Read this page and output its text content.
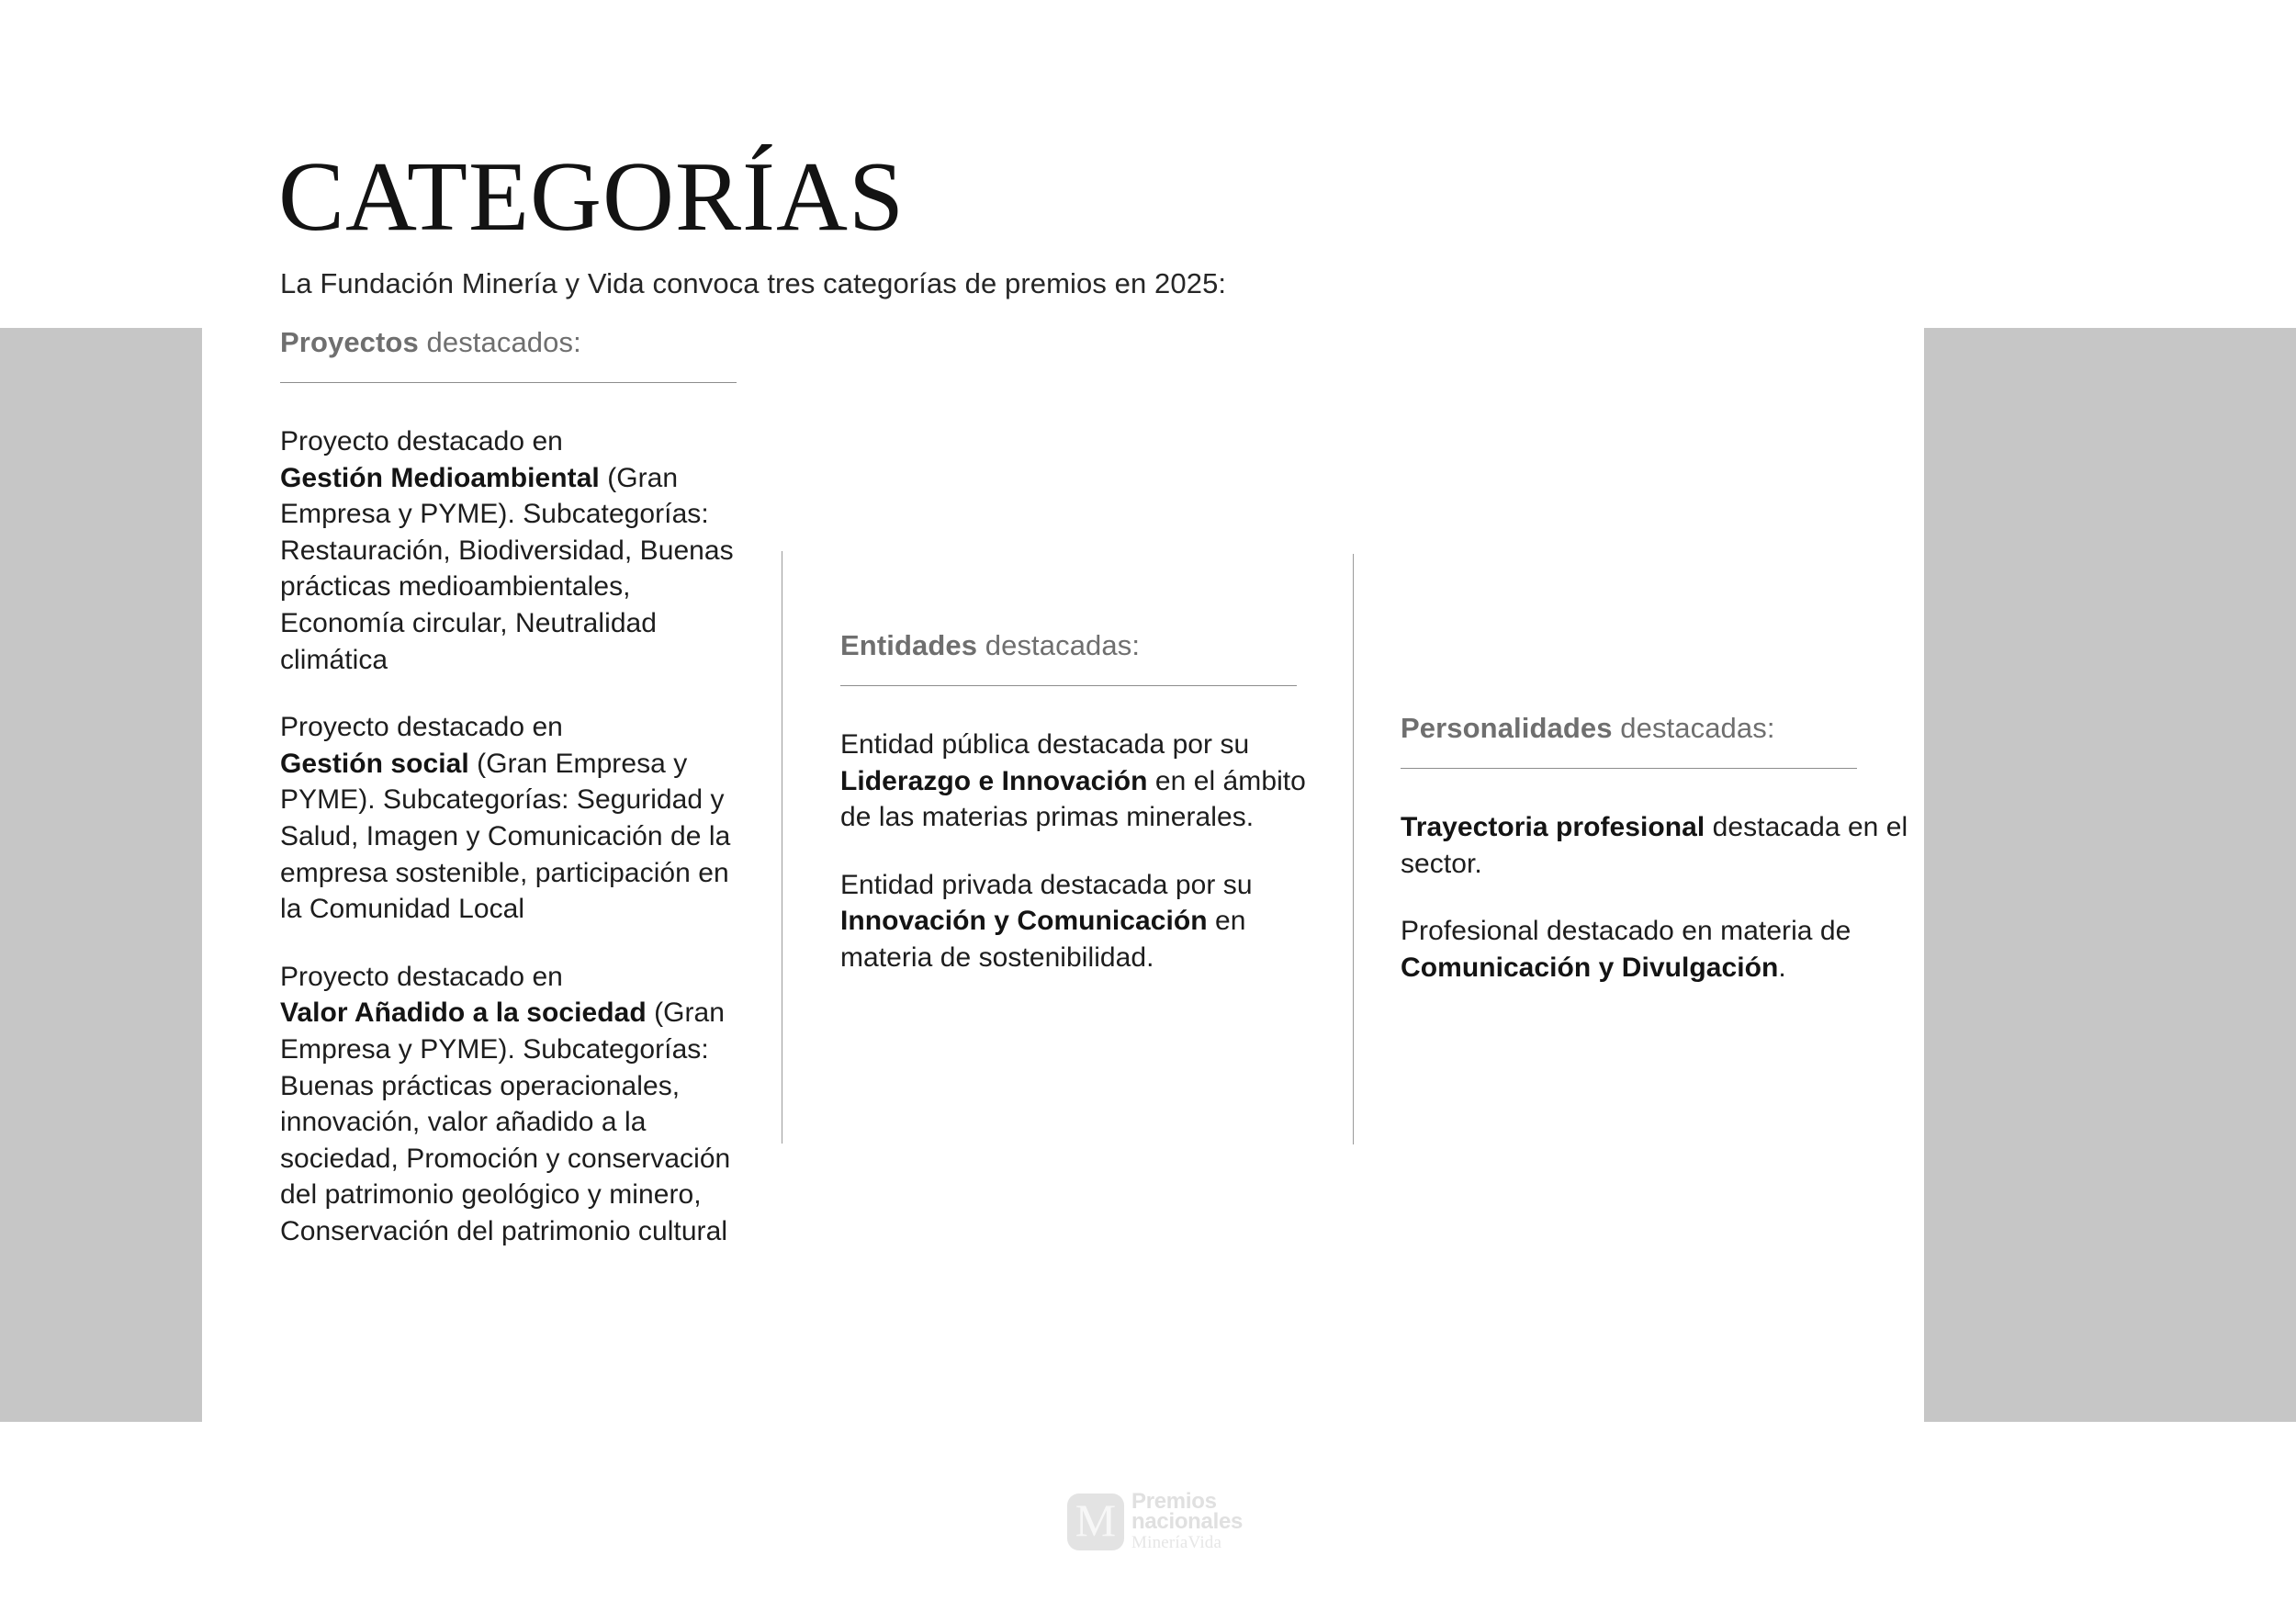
CATEGORÍAS

La Fundación Minería y Vida convoca tres categorías de premios en 2025:

Proyectos destacados:

Proyecto destacado en
Gestión Medioambiental (Gran Empresa y PYME). Subcategorías: Restauración, Biodiversidad, Buenas prácticas medioambientales, Economía circular, Neutralidad climática

Proyecto destacado en
Gestión social (Gran Empresa y PYME). Subcategorías: Seguridad y Salud, Imagen y Comunicación de la empresa sostenible, participación en la Comunidad Local

Proyecto destacado en
Valor Añadido a la sociedad (Gran Empresa y PYME). Subcategorías: Buenas prácticas operacionales, innovación, valor añadido a la sociedad, Promoción y conservación del patrimonio geológico y minero, Conservación del patrimonio cultural

Entidades destacadas:

Entidad pública destacada por su
Liderazgo e Innovación en el ámbito de las materias primas minerales.

Entidad privada destacada por su
Innovación y Comunicación en materia de sostenibilidad.

Personalidades destacadas:

Trayectoria profesional destacada en el sector.

Profesional destacado en materia de
Comunicación y Divulgación.

M Premios
nacionales
MineríaVida
